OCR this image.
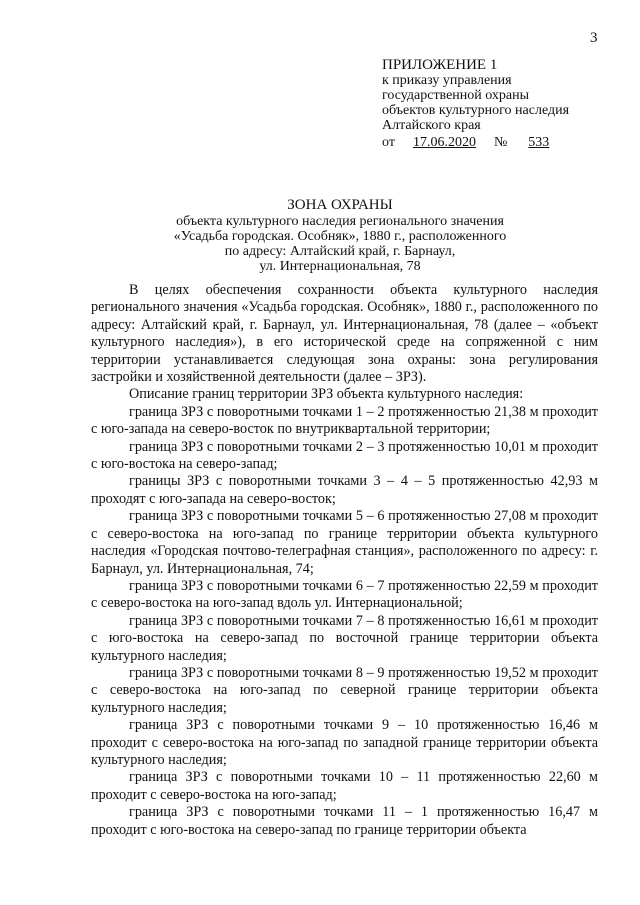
3
ПРИЛОЖЕНИЕ 1
к приказу управления
государственной охраны
объектов культурного наследия
Алтайского края
от 17.06.2020 № 533
ЗОНА ОХРАНЫ
объекта культурного наследия регионального значения
«Усадьба городская. Особняк», 1880 г., расположенного
по адресу: Алтайский край, г. Барнаул,
ул. Интернациональная, 78

В целях обеспечения сохранности объекта культурного наследия регионального значения «Усадьба городская. Особняк», 1880 г., расположенного по адресу: Алтайский край, г. Барнаул, ул. Интернациональная, 78 (далее – «объект культурного наследия»), в его исторической среде на сопряженной с ним территории устанавливается следующая зона охраны: зона регулирования застройки и хозяйственной деятельности (далее – ЗРЗ).

Описание границ территории ЗРЗ объекта культурного наследия:

граница ЗРЗ с поворотными точками 1 – 2 протяженностью 21,38 м проходит с юго-запада на северо-восток по внутриквартальной территории;

граница ЗРЗ с поворотными точками 2 – 3 протяженностью 10,01 м проходит с юго-востока на северо-запад;

границы ЗРЗ с поворотными точками 3 – 4 – 5 протяженностью 42,93 м проходят с юго-запада на северо-восток;

граница ЗРЗ с поворотными точками 5 – 6 протяженностью 27,08 м проходит с северо-востока на юго-запад по границе территории объекта культурного наследия «Городская почтово-телеграфная станция», расположенного по адресу: г. Барнаул, ул. Интернациональная, 74;

граница ЗРЗ с поворотными точками 6 – 7 протяженностью 22,59 м проходит с северо-востока на юго-запад вдоль ул. Интернациональной;

граница ЗРЗ с поворотными точками 7 – 8 протяженностью 16,61 м проходит с юго-востока на северо-запад по восточной границе территории объекта культурного наследия;

граница ЗРЗ с поворотными точками 8 – 9 протяженностью 19,52 м проходит с северо-востока на юго-запад по северной границе территории объекта культурного наследия;

граница ЗРЗ с поворотными точками 9 – 10 протяженностью 16,46 м проходит с северо-востока на юго-запад по западной границе территории объекта культурного наследия;

граница ЗРЗ с поворотными точками 10 – 11 протяженностью 22,60 м проходит с северо-востока на юго-запад;

граница ЗРЗ с поворотными точками 11 – 1 протяженностью 16,47 м проходит с юго-востока на северо-запад по границе территории объекта
